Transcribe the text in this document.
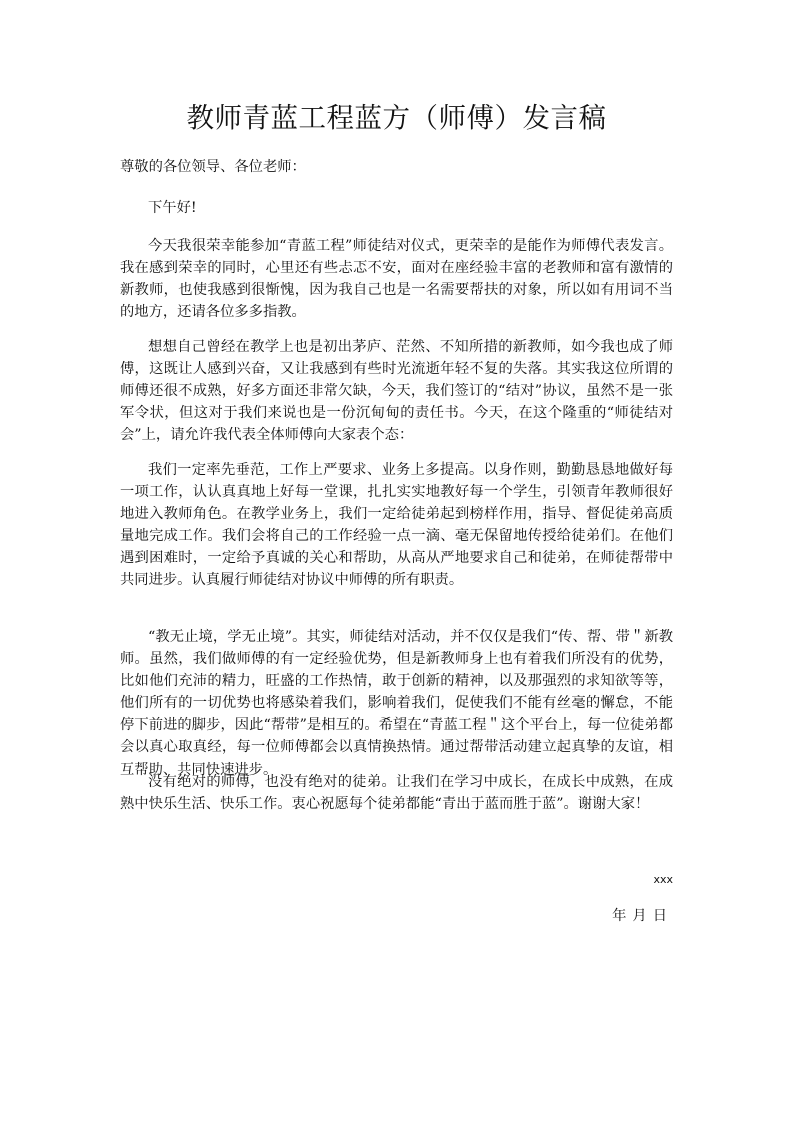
教师青蓝工程蓝方（师傅）发言稿

尊敬的各位领导、各位老师：

下午好!

今天我很荣幸能参加“青蓝工程”师徒结对仪式，更荣幸的是能作为师傅代表发言。我在感到荣幸的同时，心里还有些忐忑不安，面对在座经验丰富的老教师和富有激情的新教师，也使我感到很惭愧，因为我自己也是一名需要帮扶的对象，所以如有用词不当的地方，还请各位多多指教。

想想自己曾经在教学上也是初出茅庐、茫然、不知所措的新教师，如今我也成了师傅，这既让人感到兴奋，又让我感到有些时光流逝年轻不复的失落。其实我这位所谓的师傅还很不成熟，好多方面还非常欠缺，今天，我们签订的“结对”协议，虽然不是一张军令状，但这对于我们来说也是一份沉甸甸的责任书。今天，在这个隆重的“师徒结对会”上，请允许我代表全体师傅向大家表个态：

我们一定率先垂范，工作上严要求、业务上多提高。以身作则，勤勤恳恳地做好每一项工作，认认真真地上好每一堂课，扎扎实实地教好每一个学生，引领青年教师很好地进入教师角色。在教学业务上，我们一定给徒弟起到榜样作用，指导、督促徒弟高质量地完成工作。我们会将自己的工作经验一点一滴、毫无保留地传授给徒弟们。在他们遇到困难时，一定给予真诚的关心和帮助，从高从严地要求自己和徒弟，在师徒帮带中共同进步。认真履行师徒结对协议中师傅的所有职责。

“教无止境，学无止境”。其实，师徒结对活动，并不仅仅是我们“传、帮、带＂新教师。虽然，我们做师傅的有一定经验优势，但是新教师身上也有着我们所没有的优势，比如他们充沛的精力，旺盛的工作热情，敢于创新的精神，以及那强烈的求知欲等等，他们所有的一切优势也将感染着我们，影响着我们，促使我们不能有丝毫的懈怠，不能停下前进的脚步，因此“帮带”是相互的。希望在“青蓝工程＂这个平台上，每一位徒弟都会以真心取真经，每一位师傅都会以真情换热情。通过帮带活动建立起真挚的友谊，相互帮助、共同快速进步。

没有绝对的师傅，也没有绝对的徒弟。让我们在学习中成长，在成长中成熟，在成熟中快乐生活、快乐工作。衷心祝愿每个徒弟都能“青出于蓝而胜于蓝”。谢谢大家！

xxx

年月日
